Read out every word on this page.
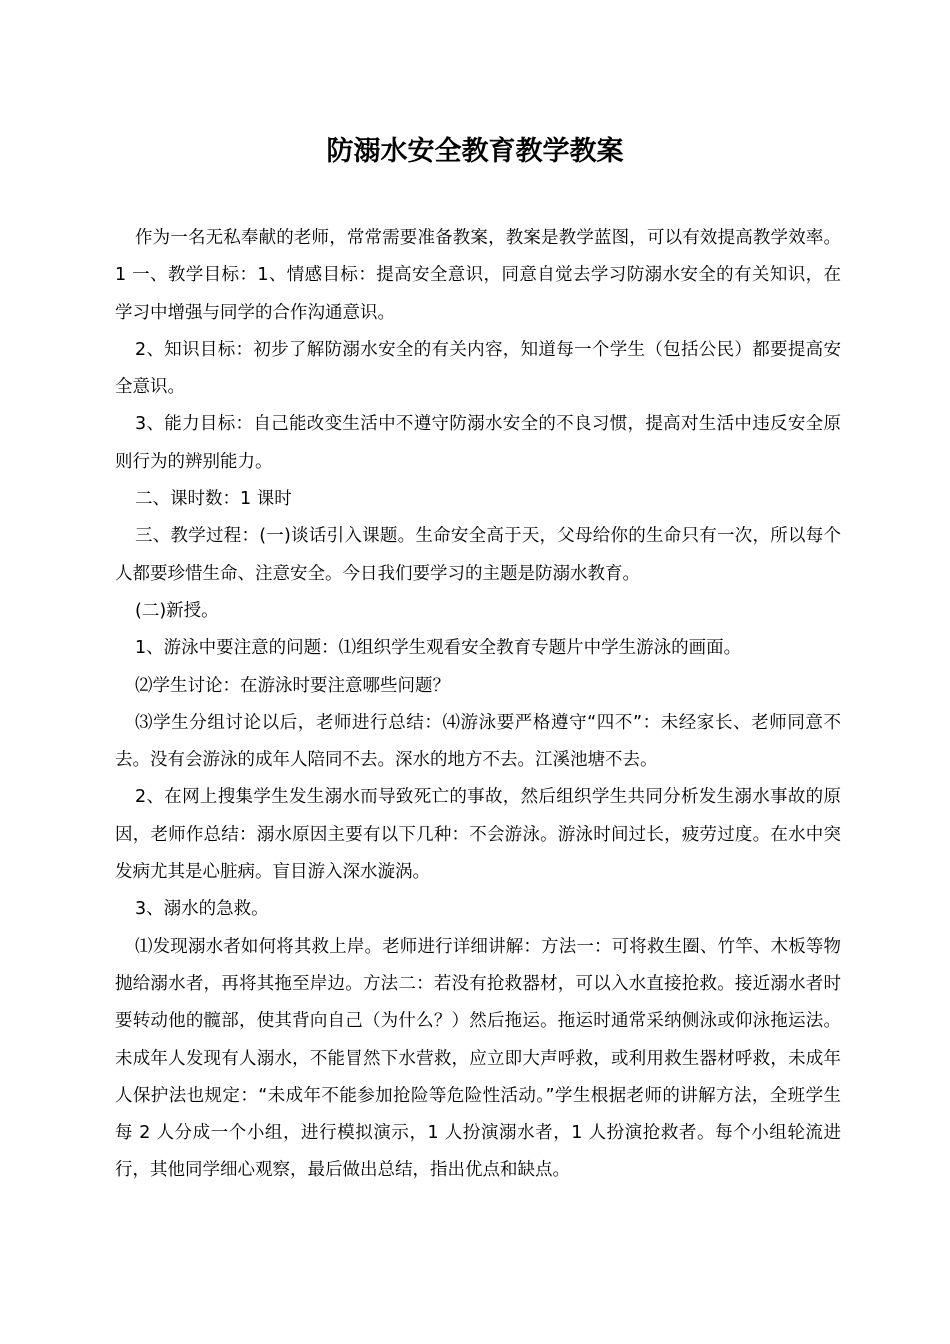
防溺水安全教育教学教案

作为一名无私奉献的老师，常常需要准备教案，教案是教学蓝图，可以有效提高教学效率。1 一、教学目标：1、情感目标：提高安全意识，同意自觉去学习防溺水安全的有关知识，在学习中增强与同学的合作沟通意识。

2、知识目标：初步了解防溺水安全的有关内容，知道每一个学生（包括公民）都要提高安全意识。

3、能力目标：自己能改变生活中不遵守防溺水安全的不良习惯，提高对生活中违反安全原则行为的辨别能力。

二、课时数：1 课时

三、教学过程：(一)谈话引入课题。生命安全高于天，父母给你的生命只有一次，所以每个人都要珍惜生命、注意安全。今日我们要学习的主题是防溺水教育。

(二)新授。

1、游泳中要注意的问题：⑴组织学生观看安全教育专题片中学生游泳的画面。

⑵学生讨论：在游泳时要注意哪些问题？

⑶学生分组讨论以后，老师进行总结：⑷游泳要严格遵守“四不”：未经家长、老师同意不去。没有会游泳的成年人陪同不去。深水的地方不去。江溪池塘不去。

2、在网上搜集学生发生溺水而导致死亡的事故，然后组织学生共同分析发生溺水事故的原因，老师作总结：溺水原因主要有以下几种：不会游泳。游泳时间过长，疲劳过度。在水中突发病尤其是心脏病。盲目游入深水漩涡。

3、溺水的急救。

⑴发现溺水者如何将其救上岸。老师进行详细讲解：方法一：可将救生圈、竹竿、木板等物抛给溺水者，再将其拖至岸边。方法二：若没有抢救器材，可以入水直接抢救。接近溺水者时要转动他的髋部，使其背向自己（为什么？）然后拖运。拖运时通常采纳侧泳或仰泳拖运法。未成年人发现有人溺水，不能冒然下水营救，应立即大声呼救，或利用救生器材呼救，未成年人保护法也规定：“未成年不能参加抢险等危险性活动。”学生根据老师的讲解方法，全班学生每 2 人分成一个小组，进行模拟演示，1 人扮演溺水者，1 人扮演抢救者。每个小组轮流进行，其他同学细心观察，最后做出总结，指出优点和缺点。
